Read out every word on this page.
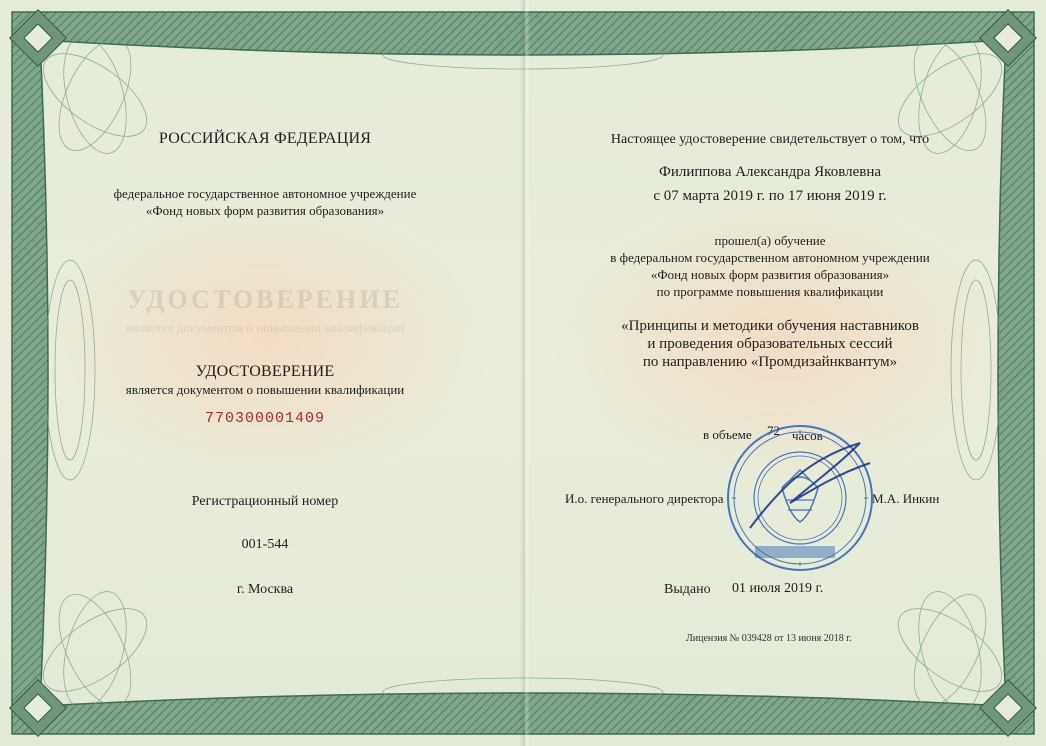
РОССИЙСКАЯ ФЕДЕРАЦИЯ
федеральное государственное автономное учреждение
«Фонд новых форм развития образования»
УДОСТОВЕРЕНИЕ
является документом о повышении квалификации
УДОСТОВЕРЕНИЕ
является документом о повышении квалификации
770300001409
Регистрационный номер
001-544
г. Москва
Настоящее удостоверение свидетельствует о том, что
Филиппова Александра Яковлевна
с 07 марта 2019 г. по 17 июня 2019 г.
прошел(а) обучение
в федеральном государственном автономном учреждении
«Фонд новых форм развития образования»
по программе повышения квалификации
«Принципы и методики обучения наставников
и проведения образовательных сессий
по направлению «Промдизайнквантум»
в объеме 72 часов
И.о. генерального директора	М.А. Инкин
Выдано 01 июля 2019 г.
Лицензия № 039428 от 13 июня 2018 г.
